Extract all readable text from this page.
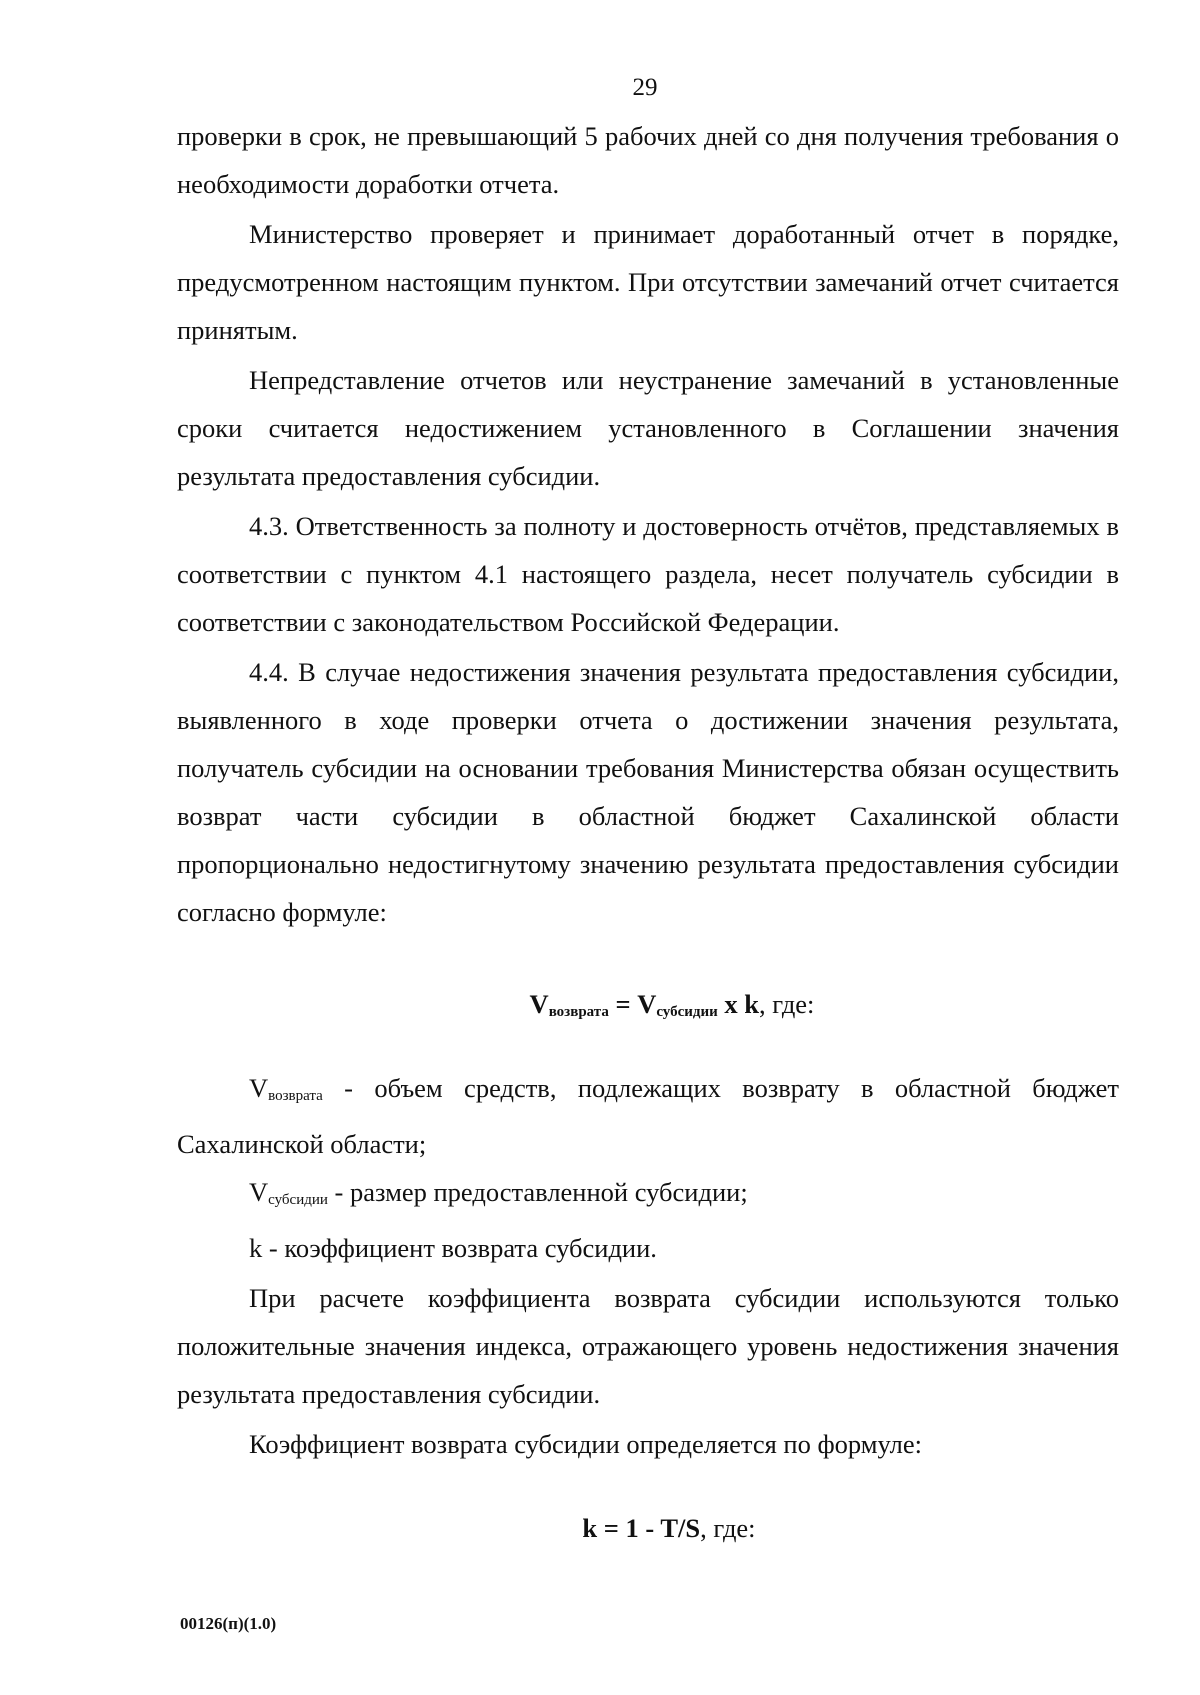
29

проверки в срок, не превышающий 5 рабочих дней со дня получения требования о необходимости доработки отчета.

Министерство проверяет и принимает доработанный отчет в порядке, предусмотренном настоящим пунктом. При отсутствии замечаний отчет считается принятым.

Непредставление отчетов или неустранение замечаний в установленные сроки считается недостижением установленного в Соглашении значения результата предоставления субсидии.

4.3. Ответственность за полноту и достоверность отчётов, представляемых в соответствии с пунктом 4.1 настоящего раздела, несет получатель субсидии в соответствии с законодательством Российской Федерации.

4.4. В случае недостижения значения результата предоставления субсидии, выявленного в ходе проверки отчета о достижении значения результата, получатель субсидии на основании требования Министерства обязан осуществить возврат части субсидии в областной бюджет Сахалинской области пропорционально недостигнутому значению результата предоставления субсидии согласно формуле:

$V_{возврата} = V_{субсидии}$ x k, где:

$V_{возврата}$ - объем средств, подлежащих возврату в областной бюджет Сахалинской области;

$V_{субсидии}$ - размер предоставленной субсидии;

k - коэффициент возврата субсидии.

При расчете коэффициента возврата субсидии используются только положительные значения индекса, отражающего уровень недостижения значения результата предоставления субсидии.

Коэффициент возврата субсидии определяется по формуле:

k = 1 - T/S, где:
00126(п)(1.0)
